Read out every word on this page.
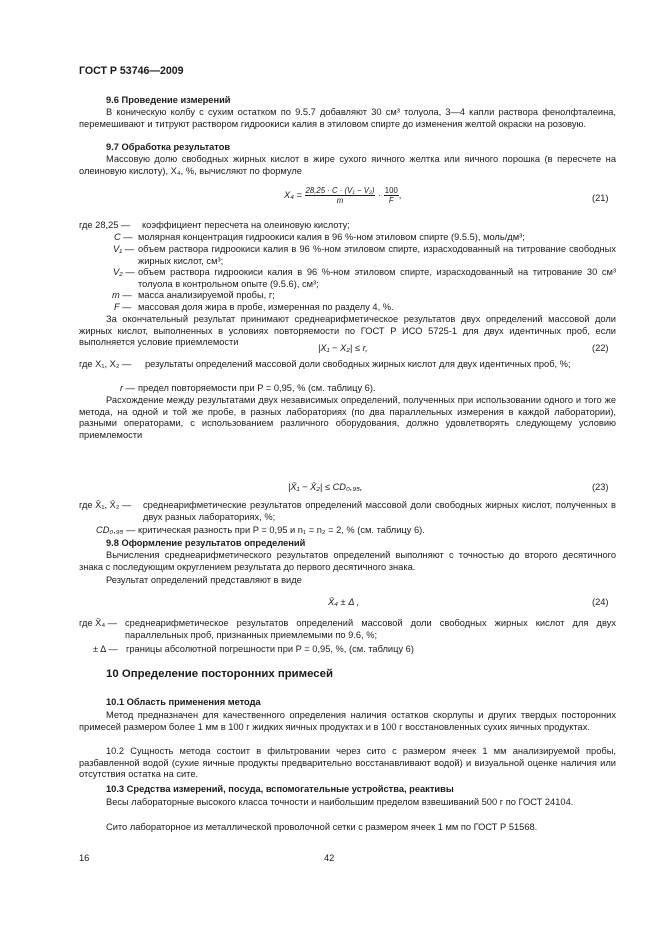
ГОСТ Р 53746—2009
9.6 Проведение измерений

В коническую колбу с сухим остатком по 9.5.7 добавляют 30 см³ толуола, 3—4 капли раствора фенолфталеина, перемешивают и титруют раствором гидроокиси калия в этиловом спирте до изменения желтой окраски на розовую.

9.7 Обработка результатов

Массовую долю свободных жирных кислот в жире сухого яичного желтка или яичного порошка (в пересчете на олеиновую кислоту), X₄, %, вычисляют по формуле

$X_4 = \frac{\text{28,25 · C · (V₁ − V₂)}}{m} \cdot \frac{100}{F}$ ,	(21)
где 28,25 — коэффициент пересчета на олеиновую кислоту;
C — молярная концентрация гидроокиси калия в 96 %-ном этиловом спирте (9.5.5), моль/дм³;
V₁ — объем раствора гидроокиси калия в 96 %-ном этиловом спирте, израсходованный на титрование свободных жирных кислот, см³;
V₂ — объем раствора гидроокиси калия в 96 %-ном этиловом спирте, израсходованный на титрование 30 см³ толуола в контрольном опыте (9.5.6), см³;
m — масса анализируемой пробы, г;
F — массовая доля жира в пробе, измеренная по разделу 4, %.

За окончательный результат принимают среднеарифметическое результатов двух определений массовой доли жирных кислот, выполненных в условиях повторяемости по ГОСТ Р ИСО 5725-1 для двух идентичных проб, если выполняется условие приемлемости

|X₁ − X₂| ≤ r,	(22)
где X₁, X₂ — результаты определений массовой доли свободных жирных кислот для двух идентичных проб, %;
r — предел повторяемости при P = 0,95, % (см. таблицу 6).

Расхождение между результатами двух независимых определений, полученных при использовании одного и того же метода, на одной и той же пробе, в разных лабораториях (по два параллельных измерения в каждой лаборатории), разными операторами, с использованием различного оборудования, должно удовлетворять следующему условию приемлемости

|X̄₁ − X̄₂| ≤ CD₀,₉₅,	(23)
где X̄₁, X̄₂ — среднеарифметические результатов определений массовой доли свободных жирных кислот, полученных в двух разных лабораториях, %;
CD₀,₉₅ — критическая разность при P = 0,95 и n₁ = n₂ = 2, % (см. таблицу 6).
9.8 Оформление результатов определений

Вычисления среднеарифметического результатов определений выполняют с точностью до второго десятичного знака с последующим округлением результата до первого десятичного знака.

Результат определений представляют в виде

X̄₄ ± Δ ,	(24)
где X̄₄ — среднеарифметическое результатов определений массовой доли свободных жирных кислот для двух параллельных проб, признанных приемлемыми по 9.6, %;
± Δ — границы абсолютной погрешности при P = 0,95, %, (см. таблицу 6)
10 Определение посторонних примесей
10.1 Область применения метода

Метод предназначен для качественного определения наличия остатков скорлупы и других твердых посторонних примесей размером более 1 мм в 100 г жидких яичных продуктах и в 100 г восстановленных сухих яичных продуктах.

10.2 Сущность метода состоит в фильтровании через сито с размером ячеек 1 мм анализируемой пробы, разбавленной водой (сухие яичные продукты предварительно восстанавливают водой) и визуальной оценке наличия или отсутствия остатка на сите.

10.3 Средства измерений, посуда, вспомогательные устройства, реактивы

Весы лабораторные высокого класса точности и наибольшим пределом взвешиваний 500 г по ГОСТ 24104.

Сито лабораторное из металлической проволочной сетки с размером ячеек 1 мм по ГОСТ Р 51568.

16	42
